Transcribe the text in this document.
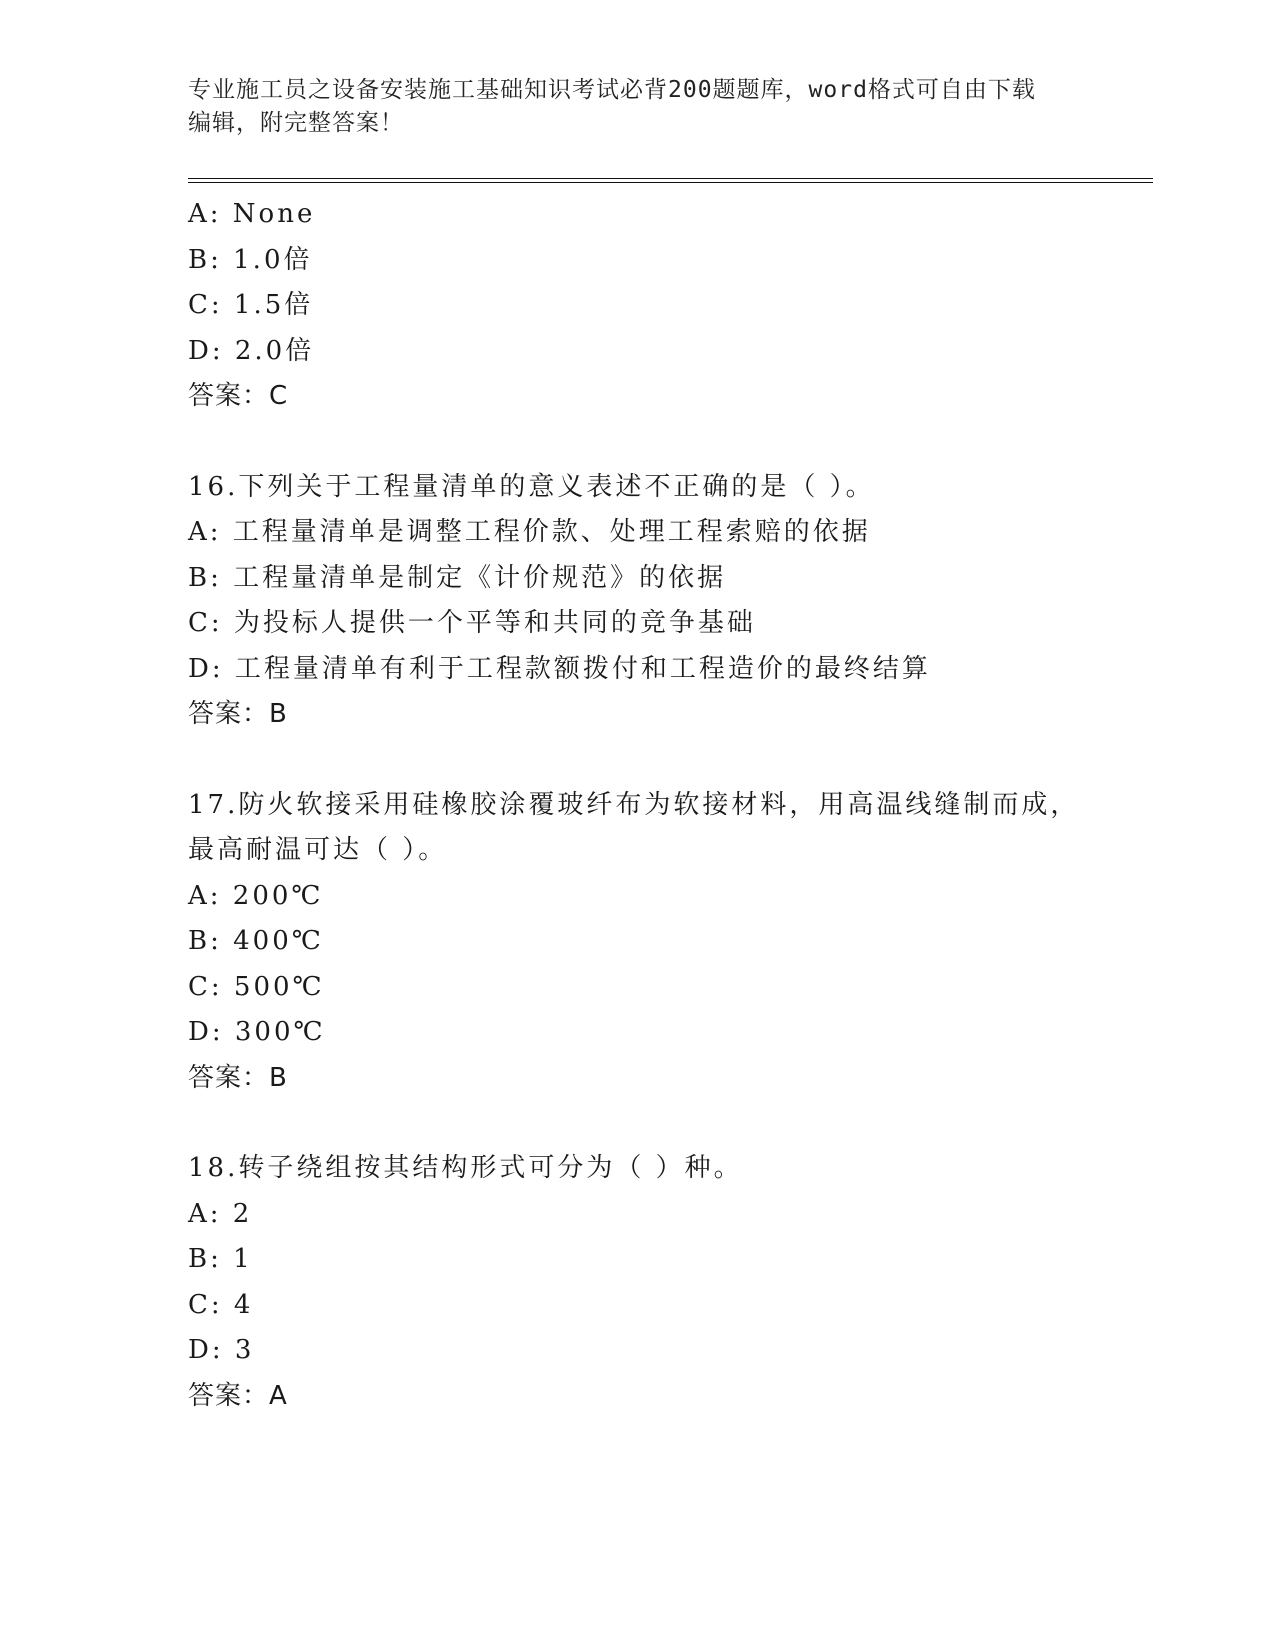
专业施工员之设备安装施工基础知识考试必背200题题库，word格式可自由下载
编辑，附完整答案！

A: None

B: 1.0倍

C: 1.5倍

D: 2.0倍

答案：C

16.下列关于工程量清单的意义表述不正确的是（ ）。

A: 工程量清单是调整工程价款、处理工程索赔的依据

B: 工程量清单是制定《计价规范》的依据

C: 为投标人提供一个平等和共同的竞争基础

D: 工程量清单有利于工程款额拨付和工程造价的最终结算

答案：B

17.防火软接采用硅橡胶涂覆玻纤布为软接材料，用高温线缝制而成，

最高耐温可达（ ）。

A: 200℃

B: 400℃

C: 500℃

D: 300℃

答案：B

18.转子绕组按其结构形式可分为（ ）种。

A: 2

B: 1

C: 4

D: 3

答案：A
